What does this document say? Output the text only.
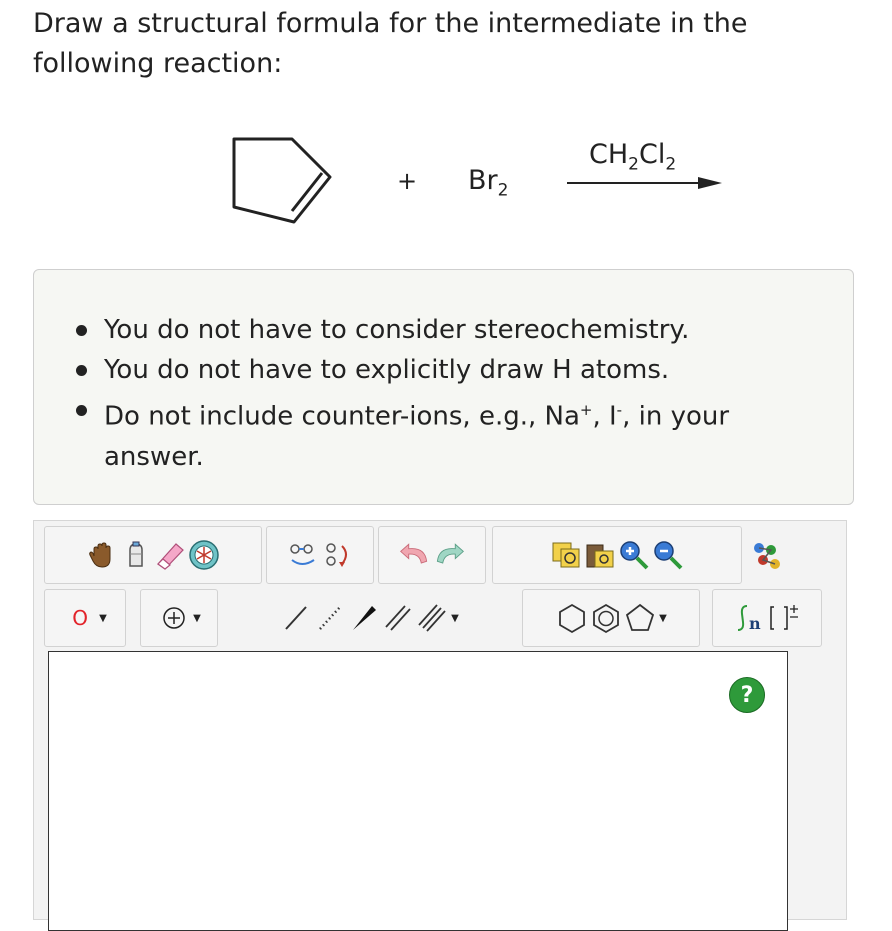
Draw a structural formula for the intermediate in the
following reaction:
+ $Br_2$
$CH_2Cl_2$
You do not have to consider stereochemistry.
You do not have to explicitly draw H atoms.
Do not include counter-ions, e.g., Na+, I-, in your answer.
O ▼	▼	▼	▼	n
?
